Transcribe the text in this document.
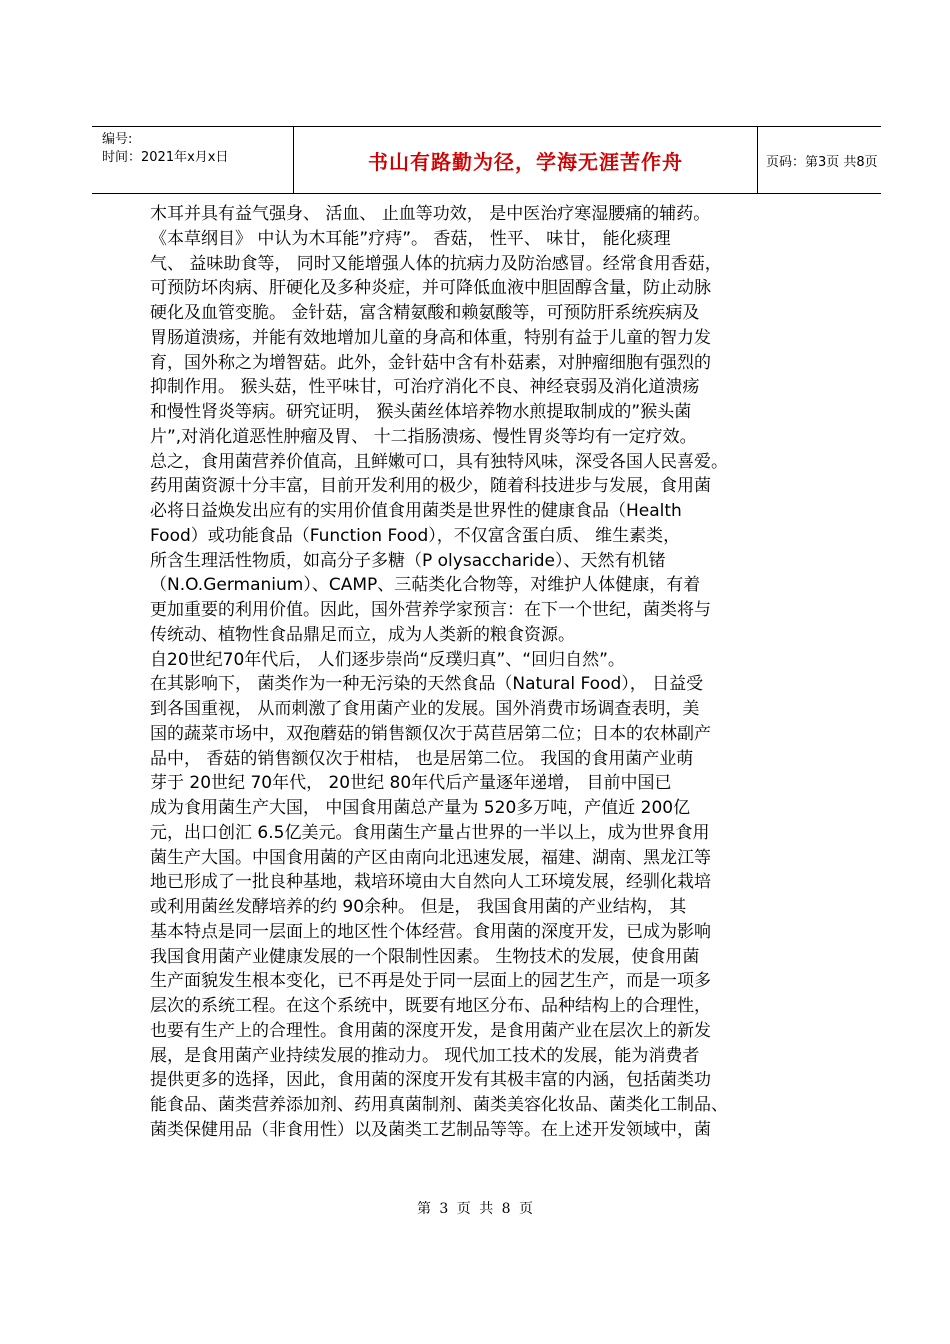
编号:
时间：2021年x月x日	书山有路勤为径，学海无涯苦作舟	页码：第3页 共8页
木耳并具有益气强身、 活血、 止血等功效， 是中医治疗寒湿腰痛的辅药。
《本草纲目》 中认为木耳能”疗痔”。 香菇， 性平、 味甘， 能化痰理
气、 益味助食等， 同时又能增强人体的抗病力及防治感冒。经常食用香菇，
可预防坏肉病、肝硬化及多种炎症，并可降低血液中胆固醇含量，防止动脉
硬化及血管变脆。 金针菇，富含精氨酸和赖氨酸等，可预防肝系统疾病及
胃肠道溃疡，并能有效地增加儿童的身高和体重，特别有益于儿童的智力发
育，国外称之为增智菇。此外，金针菇中含有朴菇素，对肿瘤细胞有强烈的
抑制作用。 猴头菇，性平味甘，可治疗消化不良、神经衰弱及消化道溃疡
和慢性肾炎等病。研究证明， 猴头菌丝体培养物水煎提取制成的”猴头菌
片”,对消化道恶性肿瘤及胃、 十二指肠溃疡、慢性胃炎等均有一定疗效。
总之，食用菌营养价值高，且鲜嫩可口，具有独特风味，深受各国人民喜爱。
药用菌资源十分丰富，目前开发利用的极少，随着科技进步与发展，食用菌
必将日益焕发出应有的实用价值食用菌类是世界性的健康食品（Health
Food）或功能食品（Function Food），不仅富含蛋白质、 维生素类，
所含生理活性物质，如高分子多糖（P olysaccharide）、天然有机锗
（N.O.Germanium）、CAMP、三萜类化合物等，对维护人体健康，有着
更加重要的利用价值。因此，国外营养学家预言：在下一个世纪，菌类将与
传统动、植物性食品鼎足而立，成为人类新的粮食资源。
自20世纪70年代后， 人们逐步崇尚“反璞归真”、“回归自然”。
在其影响下， 菌类作为一种无污染的天然食品（Natural Food）， 日益受
到各国重视， 从而刺激了食用菌产业的发展。国外消费市场调查表明，美
国的蔬菜市场中，双孢蘑菇的销售额仅次于莴苣居第二位；日本的农林副产
品中， 香菇的销售额仅次于柑桔， 也是居第二位。 我国的食用菌产业萌
芽于 20世纪 70年代， 20世纪 80年代后产量逐年递增， 目前中国已
成为食用菌生产大国， 中国食用菌总产量为 520多万吨，产值近 200亿
元，出口创汇 6.5亿美元。食用菌生产量占世界的一半以上，成为世界食用
菌生产大国。中国食用菌的产区由南向北迅速发展，福建、湖南、黑龙江等
地已形成了一批良种基地，栽培环境由大自然向人工环境发展，经驯化栽培
或利用菌丝发酵培养的约 90余种。 但是， 我国食用菌的产业结构， 其
基本特点是同一层面上的地区性个体经营。食用菌的深度开发，已成为影响
我国食用菌产业健康发展的一个限制性因素。 生物技术的发展，使食用菌
生产面貌发生根本变化，已不再是处于同一层面上的园艺生产，而是一项多
层次的系统工程。在这个系统中，既要有地区分布、品种结构上的合理性，
也要有生产上的合理性。食用菌的深度开发，是食用菌产业在层次上的新发
展，是食用菌产业持续发展的推动力。 现代加工技术的发展，能为消费者
提供更多的选择，因此，食用菌的深度开发有其极丰富的内涵，包括菌类功
能食品、菌类营养添加剂、药用真菌制剂、菌类美容化妆品、菌类化工制品、
菌类保健用品（非食用性）以及菌类工艺制品等等。在上述开发领域中，菌
第 3 页 共 8 页
